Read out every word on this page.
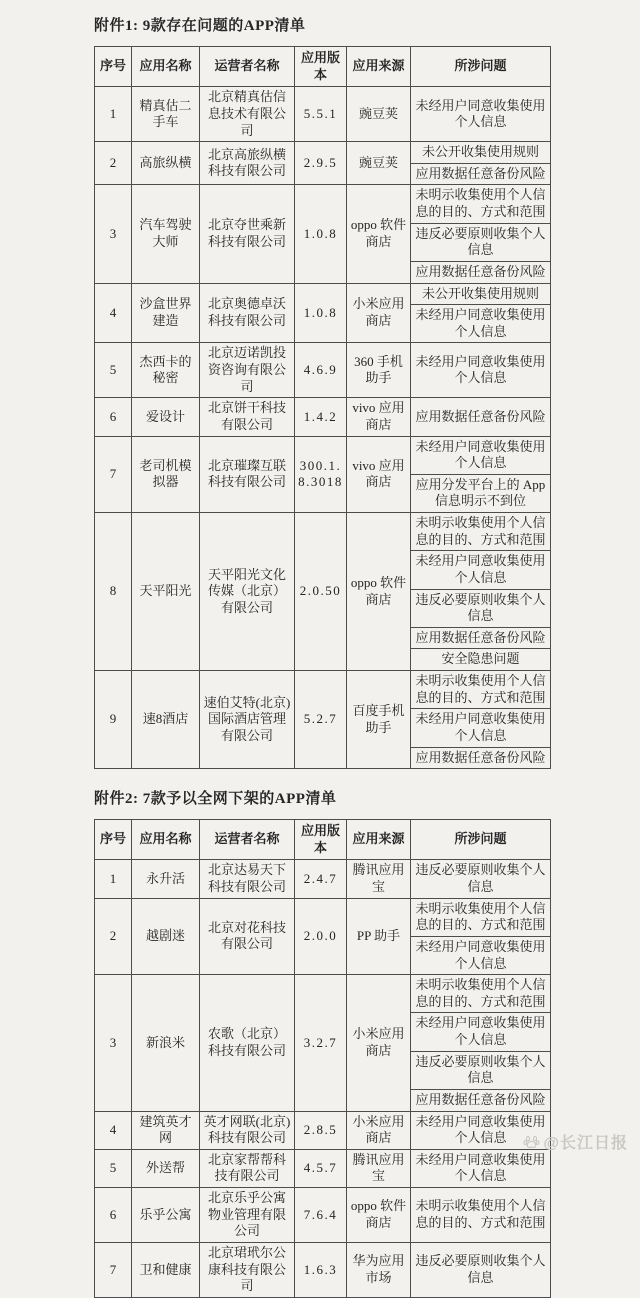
附件1: 9款存在问题的APP清单
序号	应用名称	运营者名称	应用版本	应用来源	所涉问题
1	精真估二手车	北京精真估信息技术有限公司	5.5.1	豌豆荚	未经用户同意收集使用个人信息
2	高旅纵横	北京高旅纵横科技有限公司	2.9.5	豌豆荚	未公开收集使用规则
					应用数据任意备份风险
3	汽车驾驶大师	北京夺世乘新科技有限公司	1.0.8	oppo 软件商店	未明示收集使用个人信息的目的、方式和范围
					违反必要原则收集个人信息
					应用数据任意备份风险
4	沙盒世界建造	北京奥德卓沃科技有限公司	1.0.8	小米应用商店	未公开收集使用规则
					未经用户同意收集使用个人信息
5	杰西卡的秘密	北京迈诺凯投资咨询有限公司	4.6.9	360 手机助手	未经用户同意收集使用个人信息
6	爱设计	北京饼干科技有限公司	1.4.2	vivo 应用商店	应用数据任意备份风险
7	老司机模拟器	北京璀璨互联科技有限公司	300.1.8.3018	vivo 应用商店	未经用户同意收集使用个人信息
					应用分发平台上的 App 信息明示不到位
8	天平阳光	天平阳光文化传媒（北京）有限公司	2.0.50	oppo 软件商店	未明示收集使用个人信息的目的、方式和范围
					未经用户同意收集使用个人信息
					违反必要原则收集个人信息
					应用数据任意备份风险
					安全隐患问题
9	速8酒店	速伯艾特(北京)国际酒店管理有限公司	5.2.7	百度手机助手	未明示收集使用个人信息的目的、方式和范围
					未经用户同意收集使用个人信息
					应用数据任意备份风险
附件2: 7款予以全网下架的APP清单
序号	应用名称	运营者名称	应用版本	应用来源	所涉问题
1	永升活	北京达易天下科技有限公司	2.4.7	腾讯应用宝	违反必要原则收集个人信息
2	越剧迷	北京对花科技有限公司	2.0.0	PP 助手	未明示收集使用个人信息的目的、方式和范围
					未经用户同意收集使用个人信息
3	新浪米	农歌（北京）科技有限公司	3.2.7	小米应用商店	未明示收集使用个人信息的目的、方式和范围
					未经用户同意收集使用个人信息
					违反必要原则收集个人信息
					应用数据任意备份风险
4	建筑英才网	英才网联(北京)科技有限公司	2.8.5	小米应用商店	未经用户同意收集使用个人信息
5	外送帮	北京家帮帮科技有限公司	4.5.7	腾讯应用宝	未经用户同意收集使用个人信息
6	乐乎公寓	北京乐乎公寓物业管理有限公司	7.6.4	oppo 软件商店	未明示收集使用个人信息的目的、方式和范围
7	卫和健康	北京珺玳尔公康科技有限公司	1.6.3	华为应用市场	违反必要原则收集个人信息
@长江日报
